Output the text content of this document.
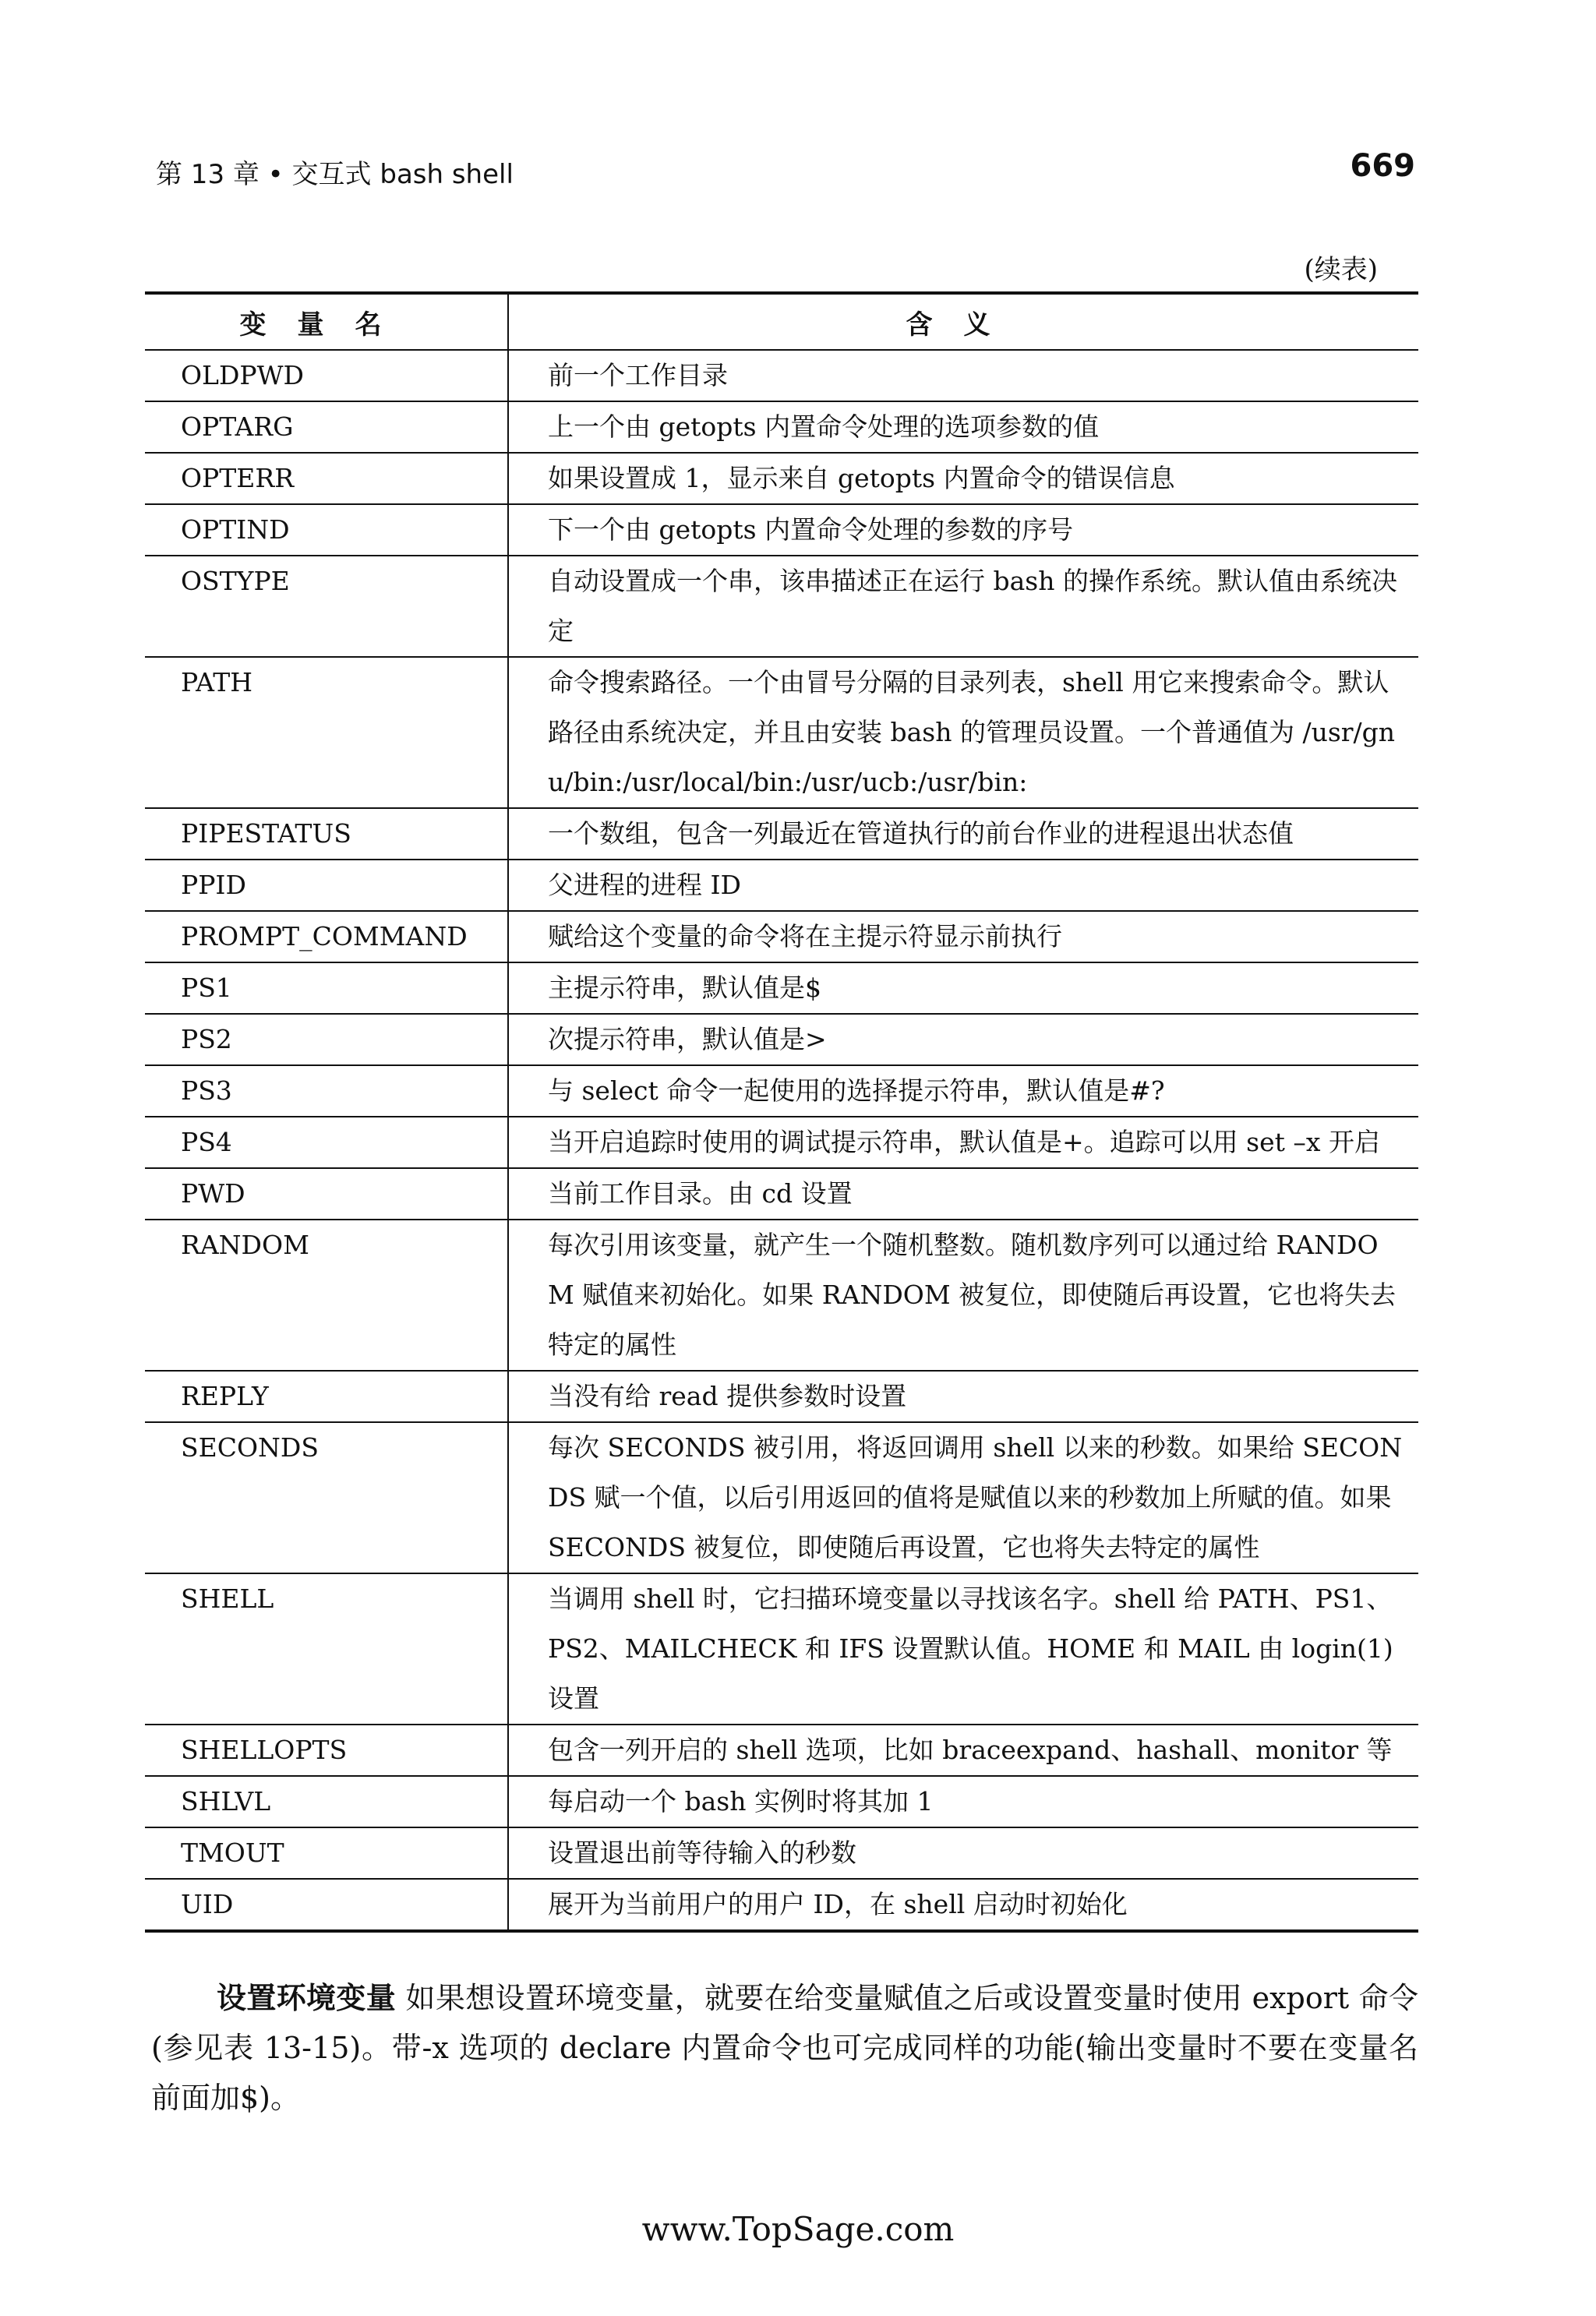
第 13 章 • 交互式 bash shell	669
(续表)
变量名	含义
OLDPWD	前一个工作目录
OPTARG	上一个由 getopts 内置命令处理的选项参数的值
OPTERR	如果设置成 1，显示来自 getopts 内置命令的错误信息
OPTIND	下一个由 getopts 内置命令处理的参数的序号
OSTYPE	自动设置成一个串，该串描述正在运行 bash 的操作系统。默认值由系统决定
PATH	命令搜索路径。一个由冒号分隔的目录列表，shell 用它来搜索命令。默认路径由系统决定，并且由安装 bash 的管理员设置。一个普通值为 /usr/gnu/bin:/usr/local/bin:/usr/ucb:/usr/bin:
PIPESTATUS	一个数组，包含一列最近在管道执行的前台作业的进程退出状态值
PPID	父进程的进程 ID
PROMPT_COMMAND	赋给这个变量的命令将在主提示符显示前执行
PS1	主提示符串，默认值是$
PS2	次提示符串，默认值是>
PS3	与 select 命令一起使用的选择提示符串，默认值是#?
PS4	当开启追踪时使用的调试提示符串，默认值是+。追踪可以用 set –x 开启
PWD	当前工作目录。由 cd 设置
RANDOM	每次引用该变量，就产生一个随机整数。随机数序列可以通过给 RANDOM 赋值来初始化。如果 RANDOM 被复位，即使随后再设置，它也将失去特定的属性
REPLY	当没有给 read 提供参数时设置
SECONDS	每次 SECONDS 被引用，将返回调用 shell 以来的秒数。如果给 SECONDS 赋一个值，以后引用返回的值将是赋值以来的秒数加上所赋的值。如果 SECONDS 被复位，即使随后再设置，它也将失去特定的属性
SHELL	当调用 shell 时，它扫描环境变量以寻找该名字。shell 给 PATH、PS1、PS2、MAILCHECK 和 IFS 设置默认值。HOME 和 MAIL 由 login(1)设置
SHELLOPTS	包含一列开启的 shell 选项，比如 braceexpand、hashall、monitor 等
SHLVL	每启动一个 bash 实例时将其加 1
TMOUT	设置退出前等待输入的秒数
UID	展开为当前用户的用户 ID，在 shell 启动时初始化

设置环境变量 如果想设置环境变量，就要在给变量赋值之后或设置变量时使用 export 命令(参见表 13-15)。带-x 选项的 declare 内置命令也可完成同样的功能(输出变量时不要在变量名前面加$)。

www.TopSage.com
